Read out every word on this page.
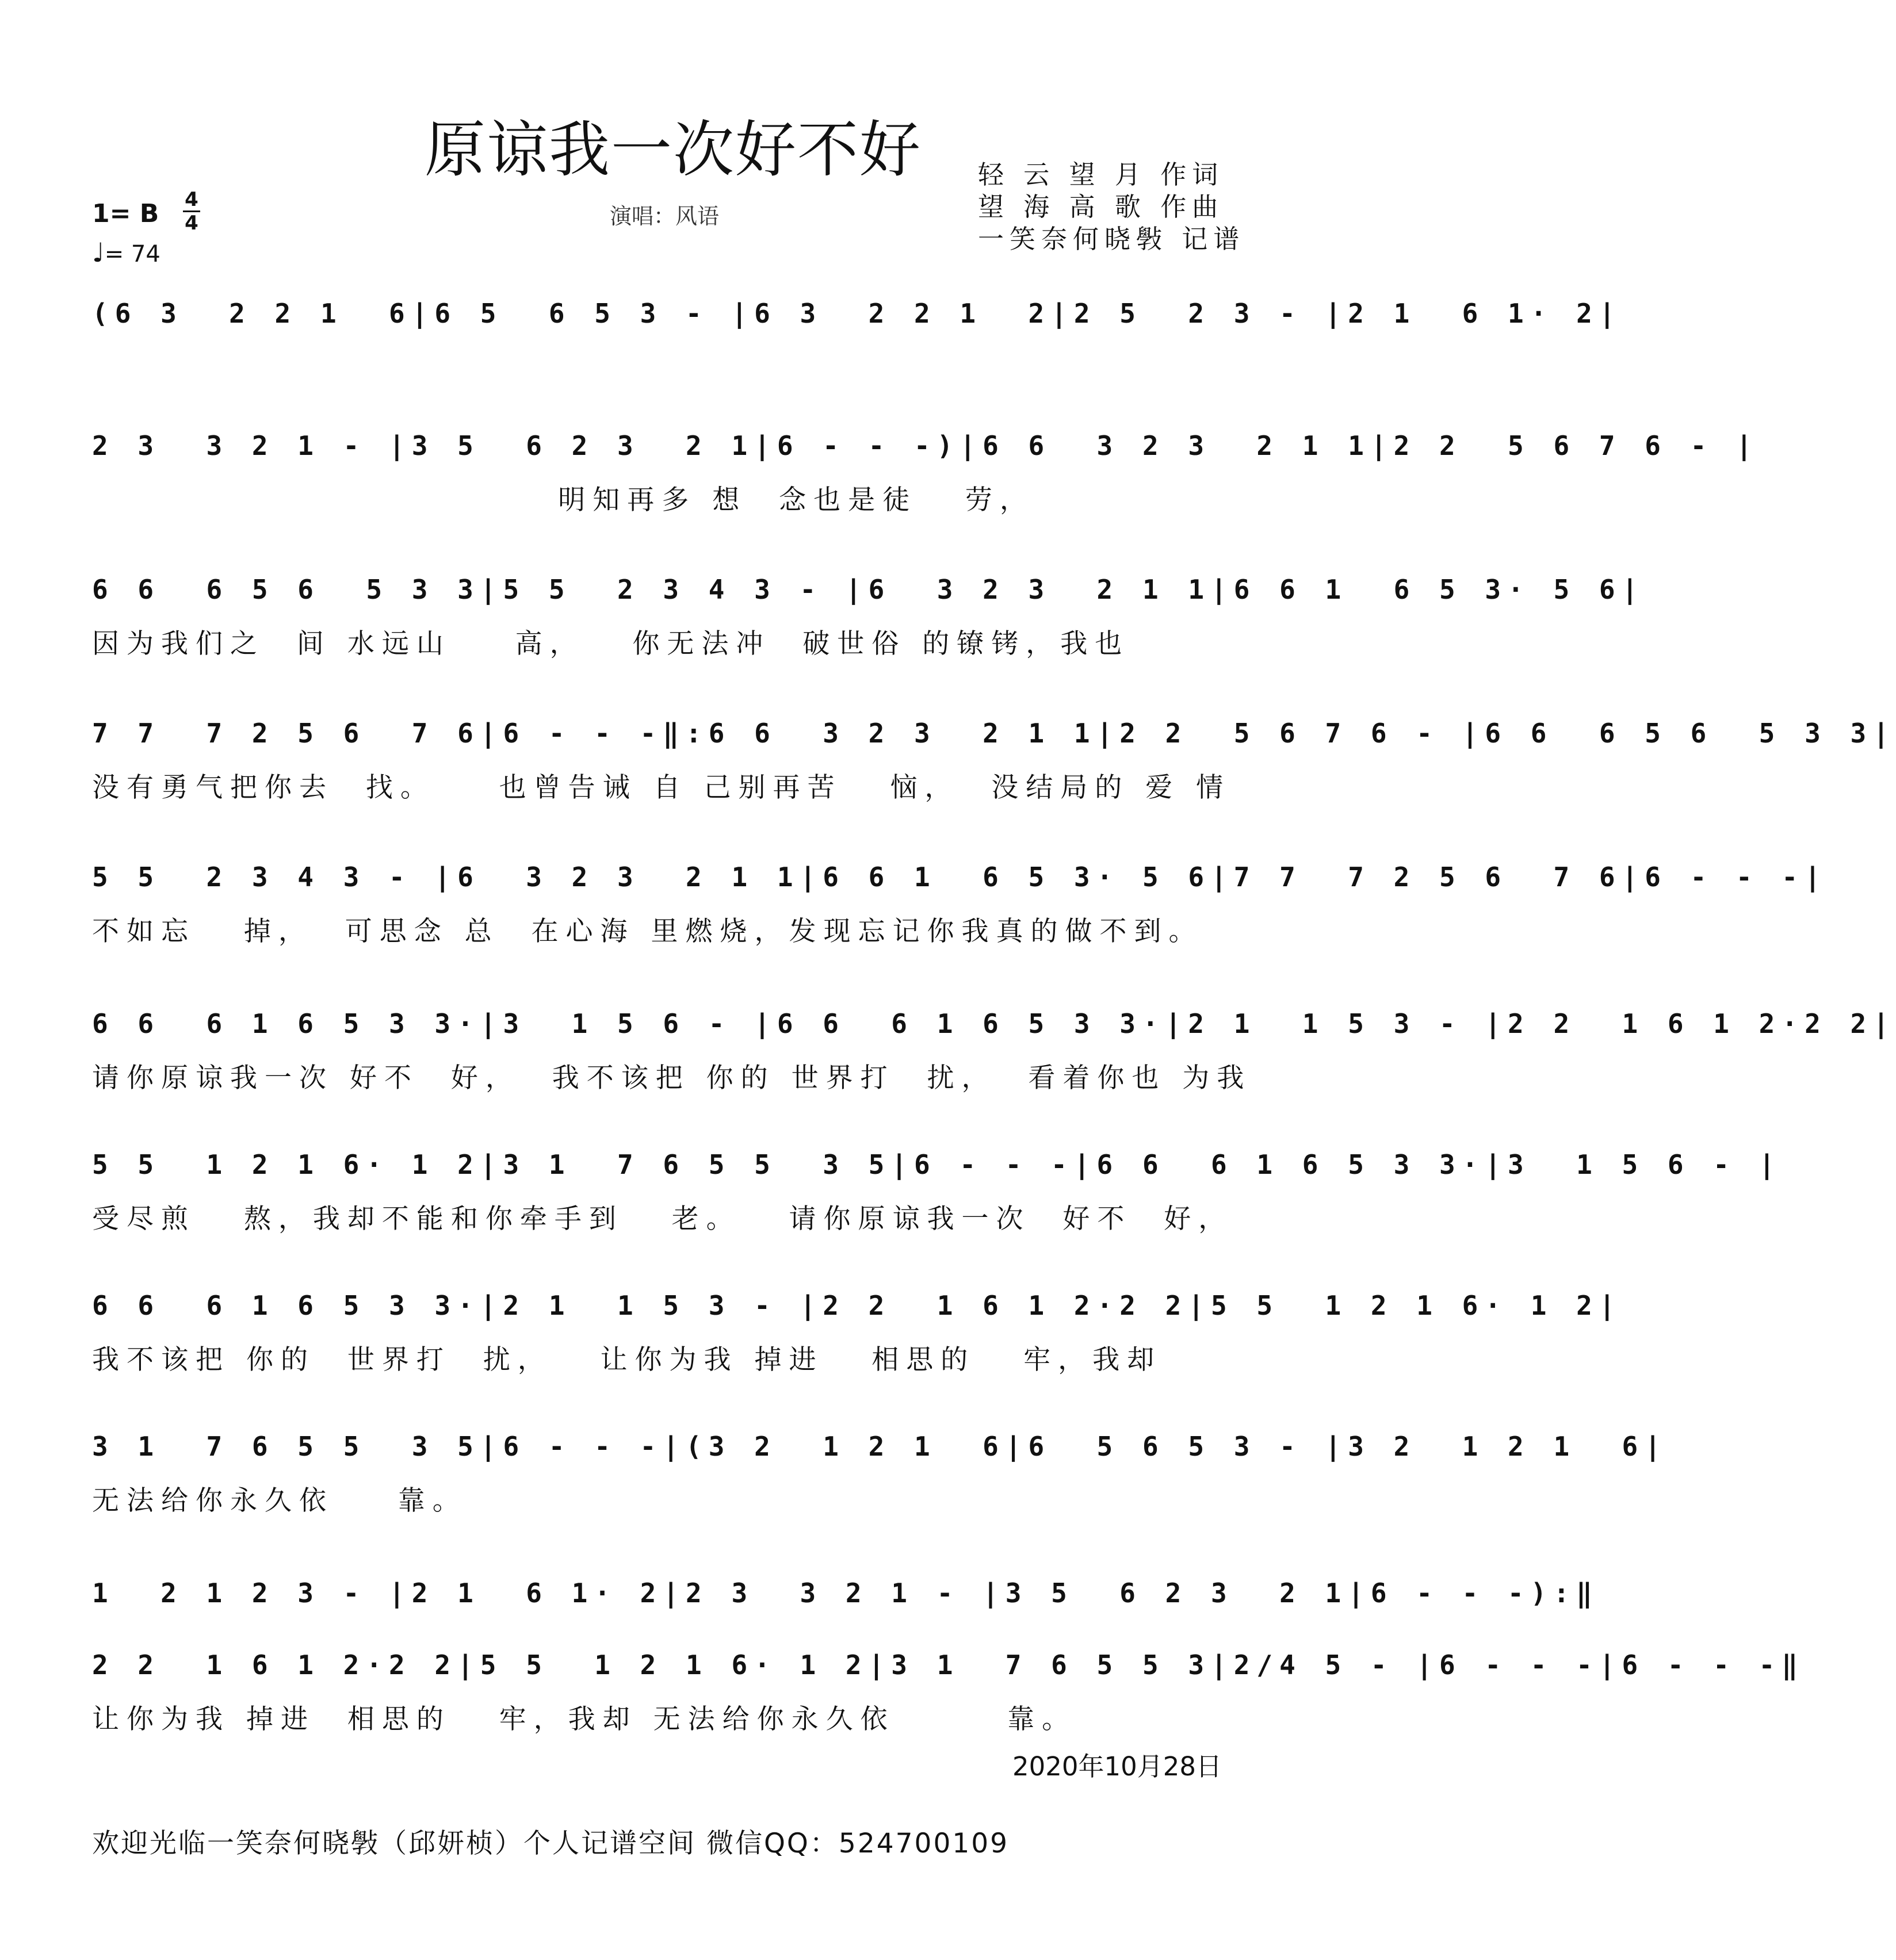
原谅我一次好不好	轻 云 望 月 作词
望 海 高 歌 作曲
一笑奈何晓斅 记谱
演唱：风语
1= B 4
4
♩= 74
(6 3  2 2 1  6|6 5  6 5 3 - |6 3  2 2 1  2|2 5  2 3 - |2 1  6 1· 2|
2 3  3 2 1 - |3 5  6 2 3  2 1|6 - - -)|6 6  3 2 3  2 1 1|2 2  5 6 7 6 - |
明知再多 想  念也是徒   劳，
6 6  6 5 6  5 3 3|5 5  2 3 4 3 - |6  3 2 3  2 1 1|6 6 1  6 5 3· 5 6|
因为我们之  间 水远山    高，   你无法冲  破世俗 的镣铐，我也
7 7  7 2 5 6  7 6|6 - - -‖:6 6  3 2 3  2 1 1|2 2  5 6 7 6 - |6 6  6 5 6  5 3 3|
没有勇气把你去  找。    也曾告诫 自 己别再苦   恼，  没结局的 爱 情
5 5  2 3 4 3 - |6  3 2 3  2 1 1|6 6 1  6 5 3· 5 6|7 7  7 2 5 6  7 6|6 - - -|
不如忘   掉，  可思念 总  在心海 里燃烧，发现忘记你我真的做不到。
6 6  6 1 6 5 3 3·|3  1 5 6 - |6 6  6 1 6 5 3 3·|2 1  1 5 3 - |2 2  1 6 1 2·2 2|
请你原谅我一次 好不  好，  我不该把 你的 世界打  扰，  看着你也 为我
5 5  1 2 1 6· 1 2|3 1  7 6 5 5  3 5|6 - - -|6 6  6 1 6 5 3 3·|3  1 5 6 - |
受尽煎   熬，我却不能和你牵手到   老。   请你原谅我一次  好不  好，
6 6  6 1 6 5 3 3·|2 1  1 5 3 - |2 2  1 6 1 2·2 2|5 5  1 2 1 6· 1 2|
我不该把 你的  世界打  扰，   让你为我 掉进   相思的   牢，我却
3 1  7 6 5 5  3 5|6 - - -|(3 2  1 2 1  6|6  5 6 5 3 - |3 2  1 2 1  6|
无法给你永久依    靠。
1  2 1 2 3 - |2 1  6 1· 2|2 3  3 2 1 - |3 5  6 2 3  2 1|6 - - -):‖
2 2  1 6 1 2·2 2|5 5  1 2 1 6· 1 2|3 1  7 6 5 5 3|2/4 5 - |6 - - -|6 - - -‖
让你为我 掉进  相思的   牢，我却 无法给你永久依       靠。
2020年10月28日
欢迎光临一笑奈何晓斅（邱妍桢）个人记谱空间 微信QQ：524700109
